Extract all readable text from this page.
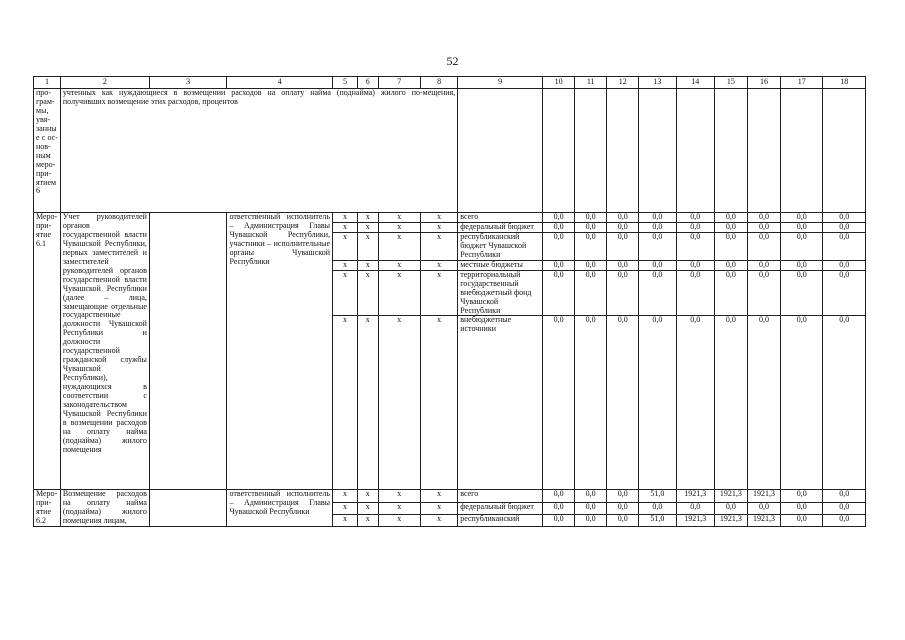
52
1	2	3	4	5	6	7	8	9	10	11	12	13	14	15	16	17	18
про-грам-мы, увя-занные с ос-нов-ным меро-при-ятием 6	учтенных как нуждающиеся в возмещении расходов на оплату найма (поднайма) жилого по-мещения, получивших возмещение этих расходов, процентов																
Меро-при-ятие 6.1	Учет руководителей органов государственной власти Чувашской Республики, первых заместителей и заместителей руководителей органов государственной власти Чувашской Республики (далее – лица, замещающие отдельные государственные должности Чувашской Республики и должности государственной гражданской службы Чувашской Республики), нуждающихся в соответствии с законодательством Чувашской Республики в возмещении расходов на оплату найма (поднайма) жилого помещения		ответственный исполнитель – Администрация Главы Чувашской Республики, участники – исполнительные органы Чувашской Республики	х	х	х	х	всего	0,0	0,0	0,0	0,0	0,0	0,0	0,0	0,0	0,0
				х	х	х	х	федеральный бюджет	0,0	0,0	0,0	0,0	0,0	0,0	0,0	0,0	0,0
				х	х	х	х	республиканский бюджет Чувашской Республики	0,0	0,0	0,0	0,0	0,0	0,0	0,0	0,0	0,0
				х	х	х	х	местные бюджеты	0,0	0,0	0,0	0,0	0,0	0,0	0,0	0,0	0,0
				х	х	х	х	территориальный государственный внебюджетный фонд Чувашской Республики	0,0	0,0	0,0	0,0	0,0	0,0	0,0	0,0	0,0
				х	х	х	х	внебюджетные источники	0,0	0,0	0,0	0,0	0,0	0,0	0,0	0,0	0,0
Меро-при-ятие 6.2	Возмещение расходов на оплату найма (поднайма) жилого помещения лицам,		ответственный исполнитель – Администрация Главы Чувашской Республики	х	х	х	х	всего	0,0	0,0	0,0	51,0	1921,3	1921,3	1921,3	0,0	0,0
				х	х	х	х	федеральный бюджет	0,0	0,0	0,0	0,0	0,0	0,0	0,0	0,0	0,0
				х	х	х	х	республиканский	0,0	0,0	0,0	51,0	1921,3	1921,3	1921,3	0,0	0,0
